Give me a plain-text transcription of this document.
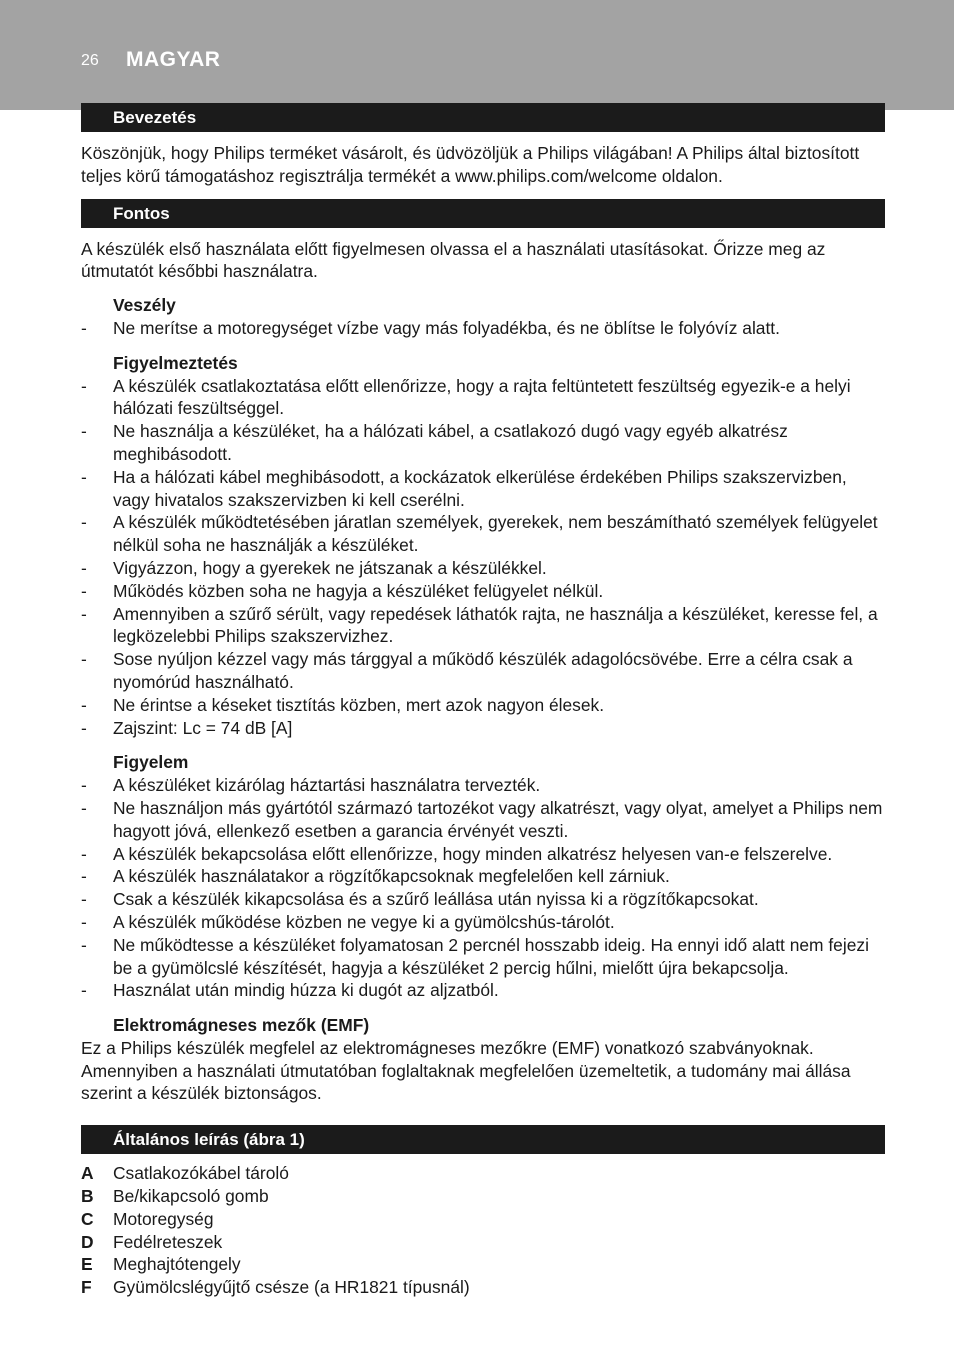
26 MAGYAR
Bevezetés

Köszönjük, hogy Philips terméket vásárolt, és üdvözöljük a Philips világában! A Philips által biztosított teljes körű támogatáshoz regisztrálja termékét a www.philips.com/welcome oldalon.

Fontos

A készülék első használata előtt figyelmesen olvassa el a használati utasításokat. Őrizze meg az útmutatót későbbi használatra.

Veszély
- Ne merítse a motoregységet vízbe vagy más folyadékba, és ne öblítse le folyóvíz alatt.
Figyelmeztetés
- A készülék csatlakoztatása előtt ellenőrizze, hogy a rajta feltüntetett feszültség egyezik-e a helyi hálózati feszültséggel.
- Ne használja a készüléket, ha a hálózati kábel, a csatlakozó dugó vagy egyéb alkatrész meghibásodott.
- Ha a hálózati kábel meghibásodott, a kockázatok elkerülése érdekében Philips szakszervizben, vagy hivatalos szakszervizben ki kell cserélni.
- A készülék működtetésében járatlan személyek, gyerekek, nem beszámítható személyek felügyelet nélkül soha ne használják a készüléket.
- Vigyázzon, hogy a gyerekek ne játszanak a készülékkel.
- Működés közben soha ne hagyja a készüléket felügyelet nélkül.
- Amennyiben a szűrő sérült, vagy repedések láthatók rajta, ne használja a készüléket, keresse fel, a legközelebbi Philips szakszervizhez.
- Sose nyúljon kézzel vagy más tárggyal a működő készülék adagolócsövébe. Erre a célra csak a nyomórúd használható.
- Ne érintse a késeket tisztítás közben, mert azok nagyon élesek.
- Zajszint: Lc = 74 dB [A]
Figyelem
- A készüléket kizárólag háztartási használatra tervezték.
- Ne használjon más gyártótól származó tartozékot vagy alkatrészt, vagy olyat, amelyet a Philips nem hagyott jóvá, ellenkező esetben a garancia érvényét veszti.
- A készülék bekapcsolása előtt ellenőrizze, hogy minden alkatrész helyesen van-e felszerelve.
- A készülék használatakor a rögzítőkapcsoknak megfelelően kell zárniuk.
- Csak a készülék kikapcsolása és a szűrő leállása után nyissa ki a rögzítőkapcsokat.
- A készülék működése közben ne vegye ki a gyümölcshús-tárolót.
- Ne működtesse a készüléket folyamatosan 2 percnél hosszabb ideig. Ha ennyi idő alatt nem fejezi be a gyümölcslé készítését, hagyja a készüléket 2 percig hűlni, mielőtt újra bekapcsolja.
- Használat után mindig húzza ki dugót az aljzatból.
Elektromágneses mezők (EMF)

Ez a Philips készülék megfelel az elektromágneses mezőkre (EMF) vonatkozó szabványoknak. Amennyiben a használati útmutatóban foglaltaknak megfelelően üzemeltetik, a tudomány mai állása szerint a készülék biztonságos.

Általános leírás (ábra 1)
A Csatlakozókábel tároló
B Be/kikapcsoló gomb
C Motoregység
D Fedélreteszek
E Meghajtótengely
F Gyümölcslégyűjtő csésze (a HR1821 típusnál)
